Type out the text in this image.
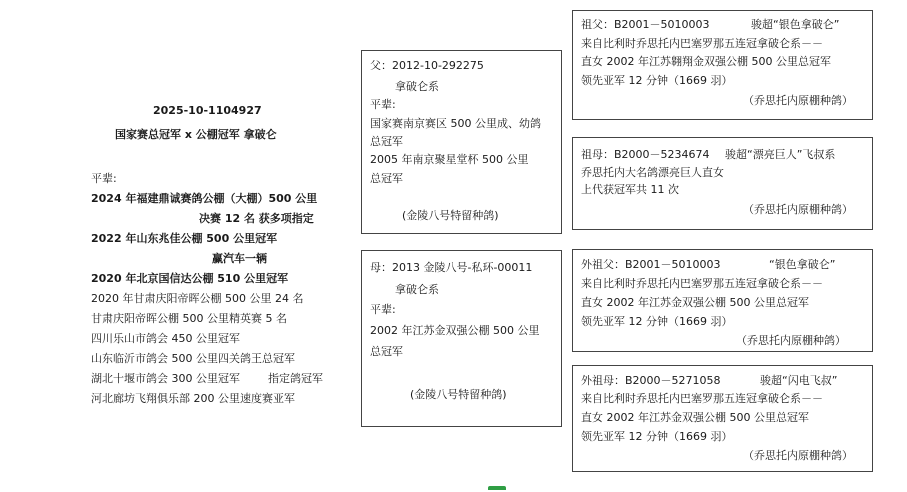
2025-10-1104927
国家赛总冠军 x 公棚冠军 拿破仑
平辈:
2024 年福建鼎诚赛鸽公棚（大棚）500 公里
决赛 12 名 获多项指定
2022 年山东兆佳公棚 500 公里冠军
赢汽车一辆
2020 年北京国信达公棚 510 公里冠军
2020 年甘肃庆阳帝晖公棚 500 公里 24 名
甘肃庆阳帝晖公棚 500 公里精英赛 5 名
四川乐山市鸽会 450 公里冠军
山东临沂市鸽会 500 公里四关鸽王总冠军
湖北十堰市鸽会 300 公里冠军        指定鸽冠军
河北廊坊飞翔俱乐部 200 公里速度赛亚军
父：2012-10-292275
拿破仑系
平辈:
国家赛南京赛区 500 公里成、幼鸽
总冠军
2005 年南京聚星堂杯 500 公里
总冠军
(金陵八号特留种鸽)
母：2013 金陵八号-私环-00011
拿破仑系
平辈:
2002 年江苏金双强公棚 500 公里
总冠军
(金陵八号特留种鸽)
祖父：B2001－5010003	骏超“银色拿破仑”
来自比利时乔思托内巴塞罗那五连冠拿破仑系－－
直女 2002 年江苏翱翔金双强公棚 500 公里总冠军
领先亚军 12 分钟（1669 羽）
（乔思托内原棚种鸽）
祖母：B2000－5234674 骏超“漂亮巨人”飞叔系
乔思托内大名鸽漂亮巨人直女
上代获冠军共 11 次
（乔思托内原棚种鸽）
外祖父：B2001－5010003	“银色拿破仑”
来自比利时乔思托内巴塞罗那五连冠拿破仑系－－
直女 2002 年江苏金双强公棚 500 公里总冠军
领先亚军 12 分钟（1669 羽）
（乔思托内原棚种鸽）
外祖母：B2000－5271058	骏超“闪电飞叔”
来自比利时乔思托内巴塞罗那五连冠拿破仑系－－
直女 2002 年江苏金双强公棚 500 公里总冠军
领先亚军 12 分钟（1669 羽）
（乔思托内原棚种鸽）
